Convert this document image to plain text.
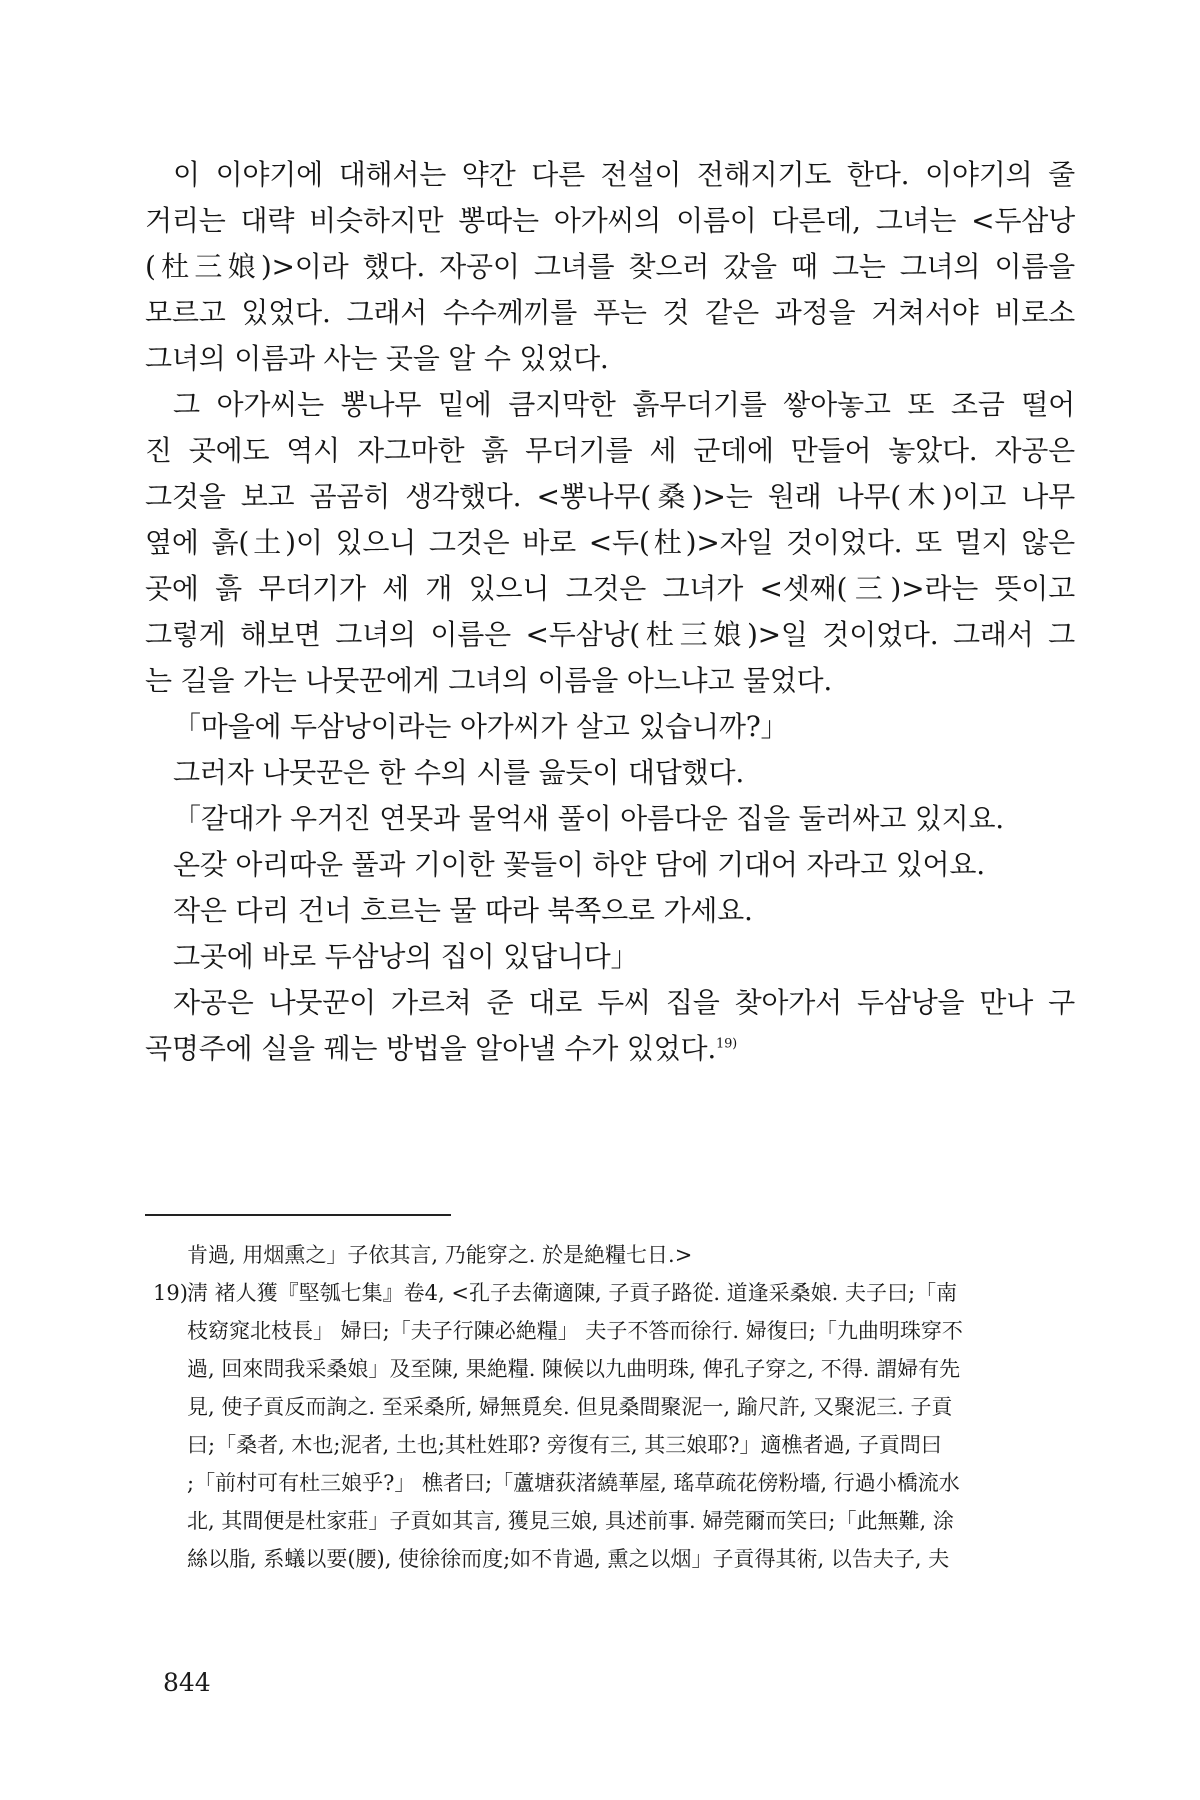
이 이야기에 대해서는 약간 다른 전설이 전해지기도 한다. 이야기의 줄
거리는 대략 비슷하지만 뽕따는 아가씨의 이름이 다른데, 그녀는 <두삼낭
(杜三娘)>이라 했다. 자공이 그녀를 찾으러 갔을 때 그는 그녀의 이름을
모르고 있었다. 그래서 수수께끼를 푸는 것 같은 과정을 거쳐서야 비로소
그녀의 이름과 사는 곳을 알 수 있었다.
그 아가씨는 뽕나무 밑에 큼지막한 흙무더기를 쌓아놓고 또 조금 떨어
진 곳에도 역시 자그마한 흙 무더기를 세 군데에 만들어 놓았다. 자공은
그것을 보고 곰곰히 생각했다. <뽕나무(桑)>는 원래 나무(木)이고 나무
옆에 흙(土)이 있으니 그것은 바로 <두(杜)>자일 것이었다. 또 멀지 않은
곳에 흙 무더기가 세 개 있으니 그것은 그녀가 <셋째(三)>라는 뜻이고
그렇게 해보면 그녀의 이름은 <두삼낭(杜三娘)>일 것이었다. 그래서 그
는 길을 가는 나뭇꾼에게 그녀의 이름을 아느냐고 물었다.
「마을에 두삼낭이라는 아가씨가 살고 있습니까?」
그러자 나뭇꾼은 한 수의 시를 읊듯이 대답했다.
「갈대가 우거진 연못과 물억새 풀이 아름다운 집을 둘러싸고 있지요.
온갖 아리따운 풀과 기이한 꽃들이 하얀 담에 기대어 자라고 있어요.
작은 다리 건너 흐르는 물 따라 북쪽으로 가세요.
그곳에 바로 두삼낭의 집이 있답니다」
자공은 나뭇꾼이 가르쳐 준 대로 두씨 집을 찾아가서 두삼낭을 만나 구
곡명주에 실을 꿰는 방법을 알아낼 수가 있었다.$^{19)}$
肯過, 用烟熏之」子依其言, 乃能穿之. 於是絶糧七日.>
19)淸 褚人獲『堅瓠七集』卷4, <孔子去衛適陳, 子貢子路從. 道逢采桑娘. 夫子曰;「南
枝窈窕北枝長」 婦曰;「夫子行陳必絶糧」 夫子不答而徐行. 婦復曰;「九曲明珠穿不
過, 回來問我采桑娘」及至陳, 果絶糧. 陳候以九曲明珠, 俾孔子穿之, 不得. 謂婦有先
見, 使子貢反而詢之. 至采桑所, 婦無覓矣. 但見桑間聚泥一, 踰尺許, 又聚泥三. 子貢
曰;「桑者, 木也;泥者, 土也;其杜姓耶? 旁復有三, 其三娘耶?」適樵者過, 子貢問曰
;「前村可有杜三娘乎?」 樵者曰;「蘆塘荻渚繞華屋, 瑤草疏花傍粉墻, 行過小橋流水
北, 其間便是杜家莊」子貢如其言, 獲見三娘, 具述前事. 婦莞爾而笑曰;「此無難, 涂
絲以脂, 系蟻以要(腰), 使徐徐而度;如不肯過, 熏之以烟」子貢得其術, 以告夫子, 夫
844
